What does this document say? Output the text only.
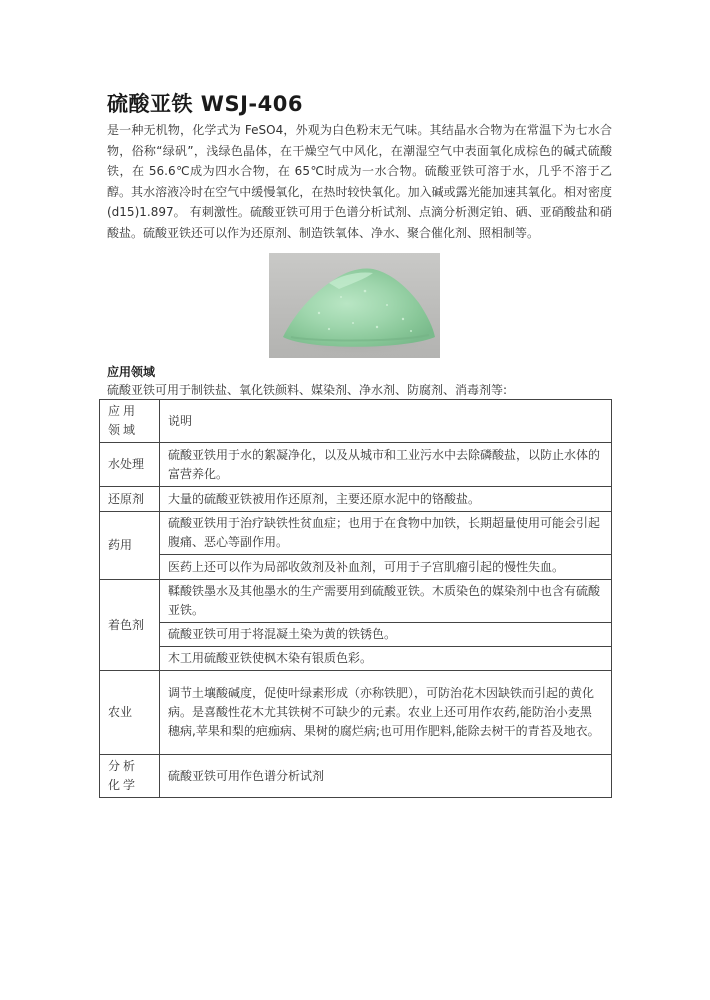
硫酸亚铁 WSJ-406
是一种无机物，化学式为 FeSO4，外观为白色粉末无气味。其结晶水合物为在常温下为七水合物，俗称“绿矾”，浅绿色晶体，在干燥空气中风化，在潮湿空气中表面氧化成棕色的碱式硫酸铁，在 56.6℃成为四水合物，在 65℃时成为一水合物。硫酸亚铁可溶于水，几乎不溶于乙醇。其水溶液冷时在空气中缓慢氧化，在热时较快氧化。加入碱或露光能加速其氧化。相对密度(d15)1.897。 有刺激性。硫酸亚铁可用于色谱分析试剂、点滴分析测定铂、硒、亚硝酸盐和硝酸盐。硫酸亚铁还可以作为还原剂、制造铁氧体、净水、聚合催化剂、照相制等。
应用领域
硫酸亚铁可用于制铁盐、氧化铁颜料、媒染剂、净水剂、防腐剂、消毒剂等:
应用领域	说明
水处理	硫酸亚铁用于水的絮凝净化，以及从城市和工业污水中去除磷酸盐，以防止水体的富营养化。
还原剂	大量的硫酸亚铁被用作还原剂，主要还原水泥中的铬酸盐。
药用	硫酸亚铁用于治疗缺铁性贫血症；也用于在食物中加铁，长期超量使用可能会引起腹痛、恶心等副作用。
	医药上还可以作为局部收敛剂及补血剂，可用于子宫肌瘤引起的慢性失血。
着色剂	鞣酸铁墨水及其他墨水的生产需要用到硫酸亚铁。木质染色的媒染剂中也含有硫酸亚铁。
	硫酸亚铁可用于将混凝土染为黄的铁锈色。
	木工用硫酸亚铁使枫木染有银质色彩。
农业	调节土壤酸碱度，促使叶绿素形成（亦称铁肥），可防治花木因缺铁而引起的黄化病。是喜酸性花木尤其铁树不可缺少的元素。农业上还可用作农药,能防治小麦黑穗病,苹果和梨的疤痂病、果树的腐烂病;也可用作肥料,能除去树干的青苔及地衣。
分析化学	硫酸亚铁可用作色谱分析试剂
